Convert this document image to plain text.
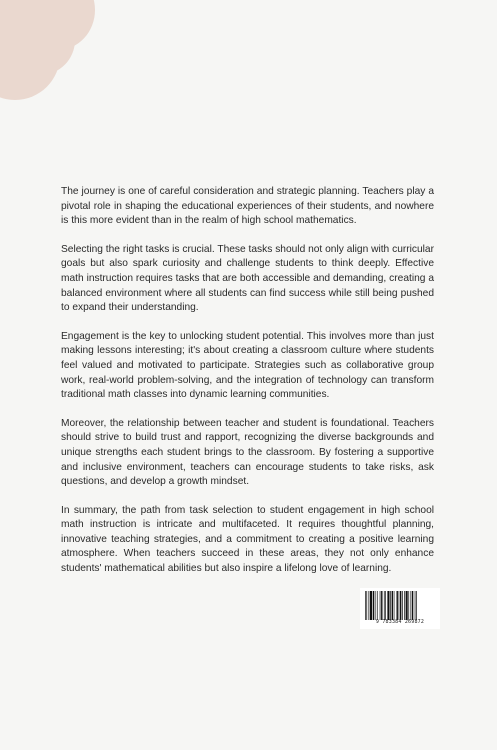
The journey is one of careful consideration and strategic planning. Teachers play a pivotal role in shaping the educational experiences of their students, and nowhere is this more evident than in the realm of high school mathematics.

Selecting the right tasks is crucial. These tasks should not only align with curricular goals but also spark curiosity and challenge students to think deeply. Effective math instruction requires tasks that are both accessible and demanding, creating a balanced environment where all students can find success while still being pushed to expand their understanding.

Engagement is the key to unlocking student potential. This involves more than just making lessons interesting; it's about creating a classroom culture where students feel valued and motivated to participate. Strategies such as collaborative group work, real-world problem-solving, and the integration of technology can transform traditional math classes into dynamic learning communities.

Moreover, the relationship between teacher and student is foundational. Teachers should strive to build trust and rapport, recognizing the diverse backgrounds and unique strengths each student brings to the classroom. By fostering a supportive and inclusive environment, teachers can encourage students to take risks, ask questions, and develop a growth mindset.

In summary, the path from task selection to student engagement in high school math instruction is intricate and multifaceted. It requires thoughtful planning, innovative teaching strategies, and a commitment to creating a positive learning atmosphere. When teachers succeed in these areas, they not only enhance students' mathematical abilities but also inspire a lifelong love of learning.

9 783384 269872
